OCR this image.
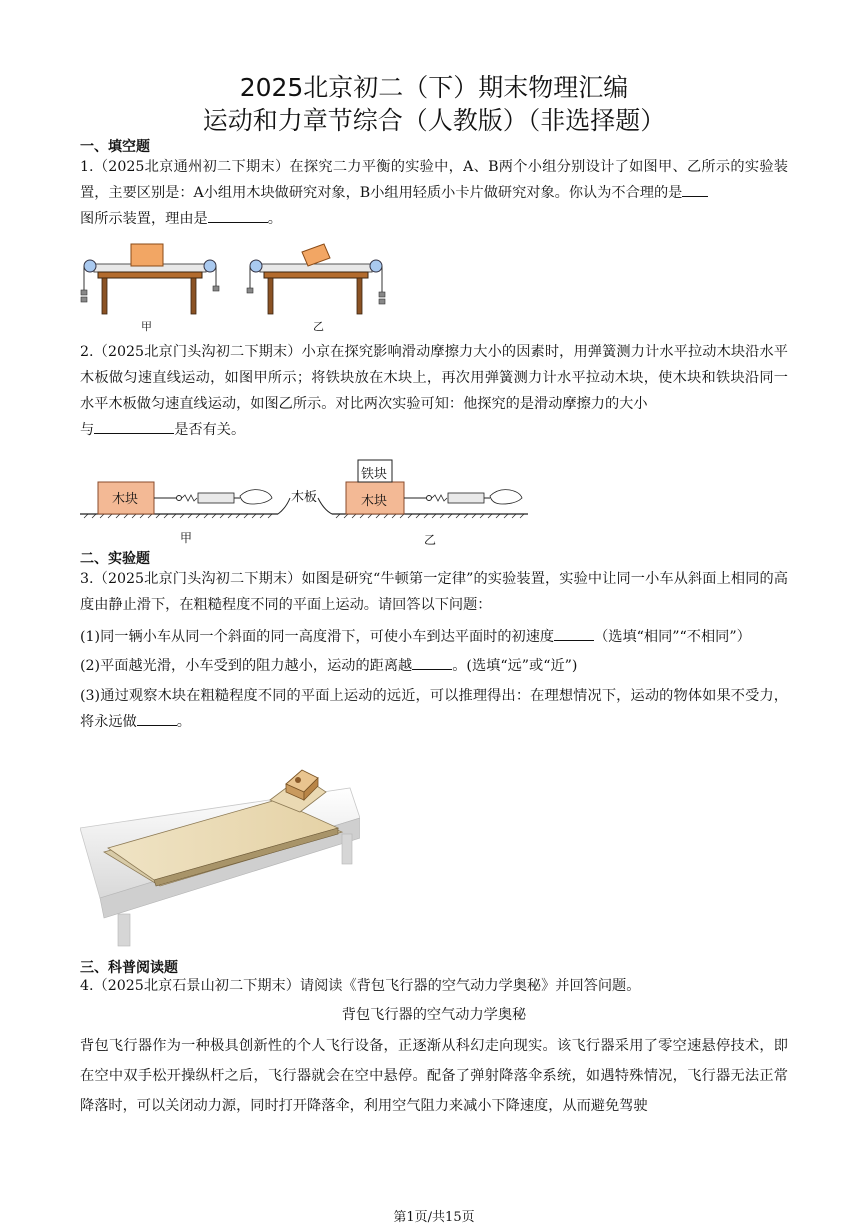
2025北京初二（下）期末物理汇编
运动和力章节综合（人教版）（非选择题）
一、填空题
1.（2025北京通州初二下期末）在探究二力平衡的实验中，A、B两个小组分别设计了如图甲、乙所示的实验装置，主要区别是：A小组用木块做研究对象，B小组用轻质小卡片做研究对象。你认为不合理的是
图所示装置，理由是	。
甲	乙
2.（2025北京门头沟初二下期末）小京在探究影响滑动摩擦力大小的因素时，用弹簧测力计水平拉动木块沿水平木板做匀速直线运动，如图甲所示；将铁块放在木块上，再次用弹簧测力计水平拉动木块，使木块和铁块沿同一水平木板做匀速直线运动，如图乙所示。对比两次实验可知：他探究的是滑动摩擦力的大小
与	是否有关。
木块
铁块
木块
木板
甲	乙
二、实验题
3.（2025北京门头沟初二下期末）如图是研究“牛顿第一定律”的实验装置，实验中让同一小车从斜面上相同的高度由静止滑下，在粗糙程度不同的平面上运动。请回答以下问题：
(1)同一辆小车从同一个斜面的同一高度滑下，可使小车到达平面时的初速度	（选填“相同”“不相同”）
(2)平面越光滑，小车受到的阻力越小，运动的距离越	。(选填“远”或“近”)
(3)通过观察木块在粗糙程度不同的平面上运动的远近，可以推理得出：在理想情况下，运动的物体如果不受力，将永远做	。
三、科普阅读题
4.（2025北京石景山初二下期末）请阅读《背包飞行器的空气动力学奥秘》并回答问题。
背包飞行器的空气动力学奥秘
背包飞行器作为一种极具创新性的个人飞行设备，正逐渐从科幻走向现实。该飞行器采用了零空速悬停技术，即在空中双手松开操纵杆之后，飞行器就会在空中悬停。配备了弹射降落伞系统，如遇特殊情况，飞行器无法正常降落时，可以关闭动力源，同时打开降落伞，利用空气阻力来减小下降速度，从而避免驾驶
第1页/共15页
